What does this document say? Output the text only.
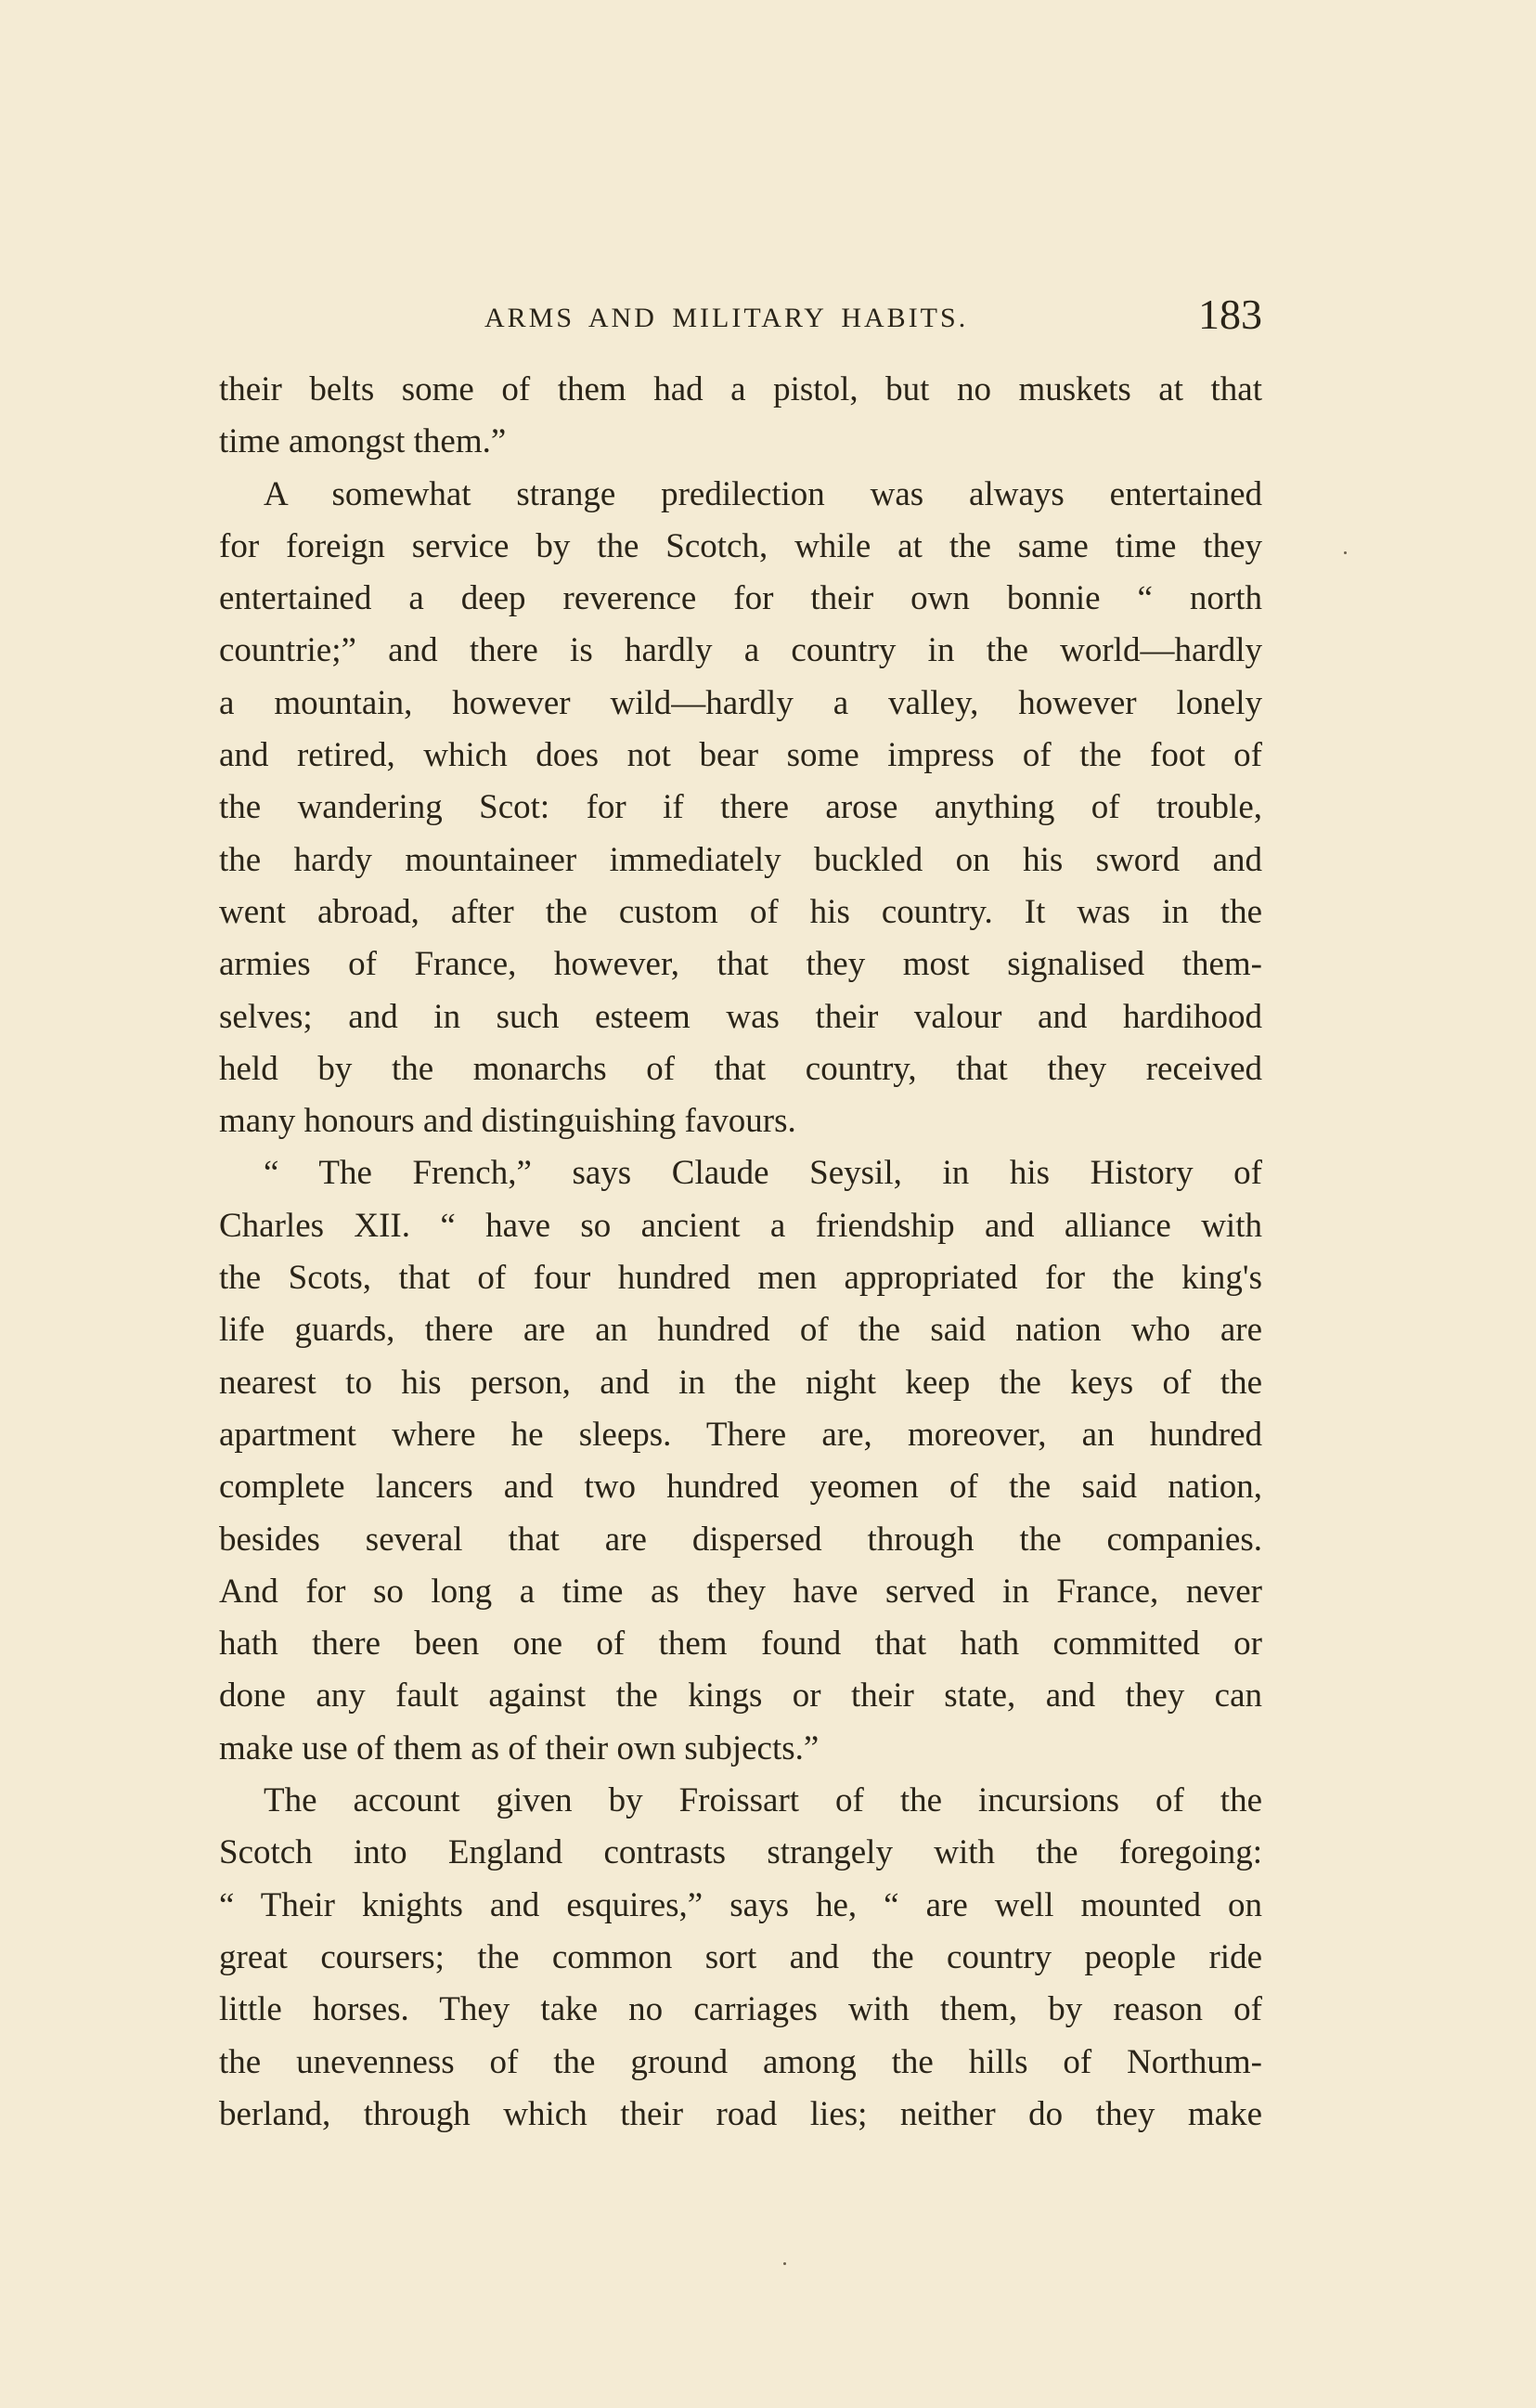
ARMS AND MILITARY HABITS.	183
their belts some of them had a pistol, but no muskets at that
time amongst them.”
A somewhat strange predilection was always entertained
for foreign service by the Scotch, while at the same time they
entertained a deep reverence for their own bonnie “ north
countrie;” and there is hardly a country in the world—hardly
a mountain, however wild—hardly a valley, however lonely
and retired, which does not bear some impress of the foot of
the wandering Scot: for if there arose anything of trouble,
the hardy mountaineer immediately buckled on his sword and
went abroad, after the custom of his country. It was in the
armies of France, however, that they most signalised them-
selves; and in such esteem was their valour and hardihood
held by the monarchs of that country, that they received
many honours and distinguishing favours.
“ The French,” says Claude Seysil, in his History of
Charles XII. “ have so ancient a friendship and alliance with
the Scots, that of four hundred men appropriated for the king's
life guards, there are an hundred of the said nation who are
nearest to his person, and in the night keep the keys of the
apartment where he sleeps. There are, moreover, an hundred
complete lancers and two hundred yeomen of the said nation,
besides several that are dispersed through the companies.
And for so long a time as they have served in France, never
hath there been one of them found that hath committed or
done any fault against the kings or their state, and they can
make use of them as of their own subjects.”
The account given by Froissart of the incursions of the
Scotch into England contrasts strangely with the foregoing:
“ Their knights and esquires,” says he, “ are well mounted on
great coursers; the common sort and the country people ride
little horses. They take no carriages with them, by reason of
the unevenness of the ground among the hills of Northum-
berland, through which their road lies; neither do they make
